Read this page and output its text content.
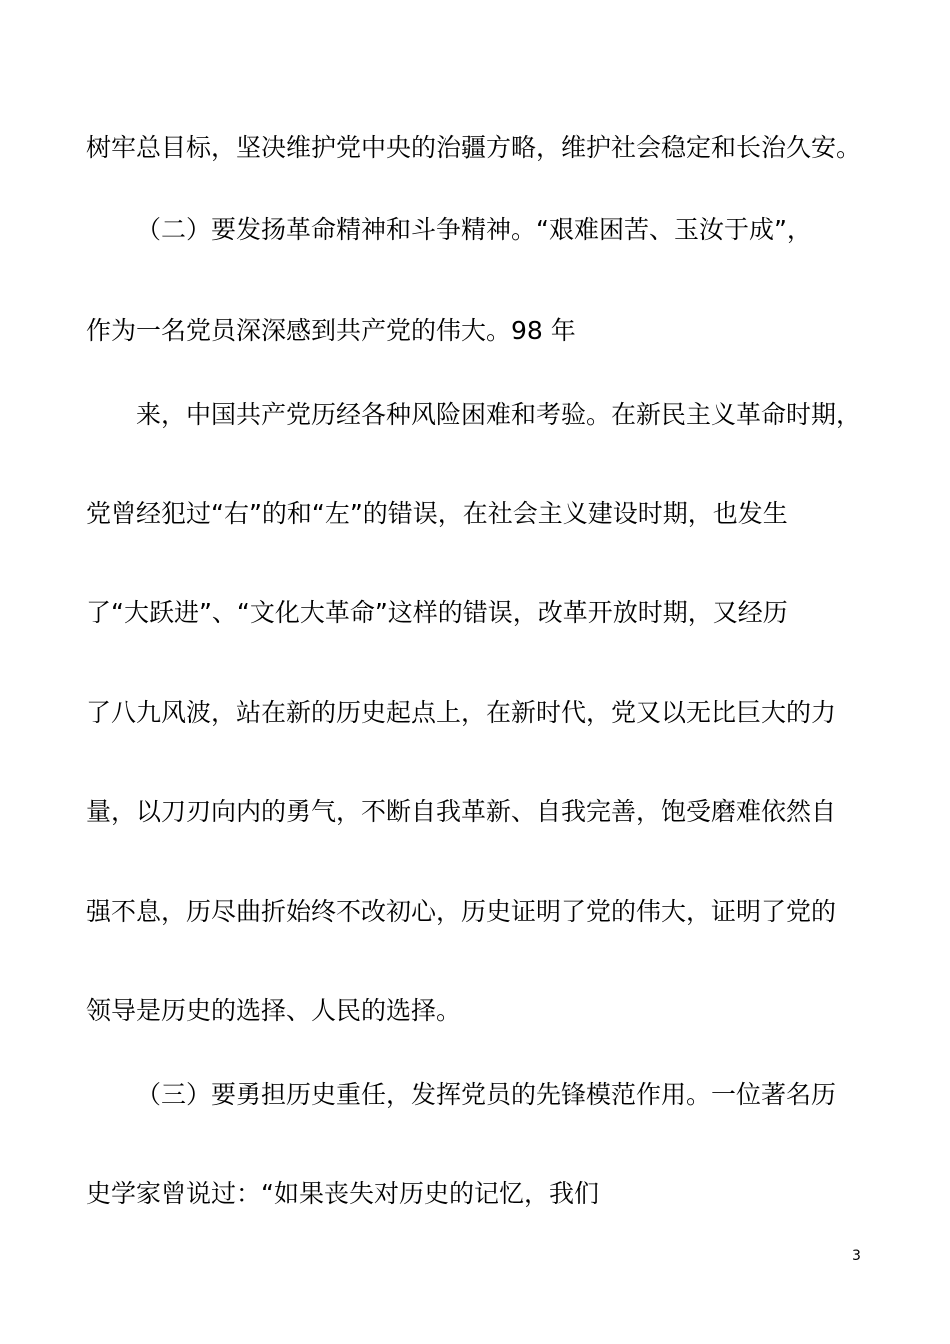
树牢总目标，坚决维护党中央的治疆方略，维护社会稳定和长治久安。
（二）要发扬革命精神和斗争精神。“艰难困苦、玉汝于成”，
作为一名党员深深感到共产党的伟大。98 年
来，中国共产党历经各种风险困难和考验。在新民主义革命时期，
党曾经犯过“右”的和“左”的错误，在社会主义建设时期，也发生
了“大跃进”、“文化大革命”这样的错误，改革开放时期，又经历
了八九风波，站在新的历史起点上，在新时代，党又以无比巨大的力
量，以刀刃向内的勇气，不断自我革新、自我完善，饱受磨难依然自
强不息，历尽曲折始终不改初心，历史证明了党的伟大，证明了党的
领导是历史的选择、人民的选择。
（三）要勇担历史重任，发挥党员的先锋模范作用。一位著名历
史学家曾说过：“如果丧失对历史的记忆，我们
3
